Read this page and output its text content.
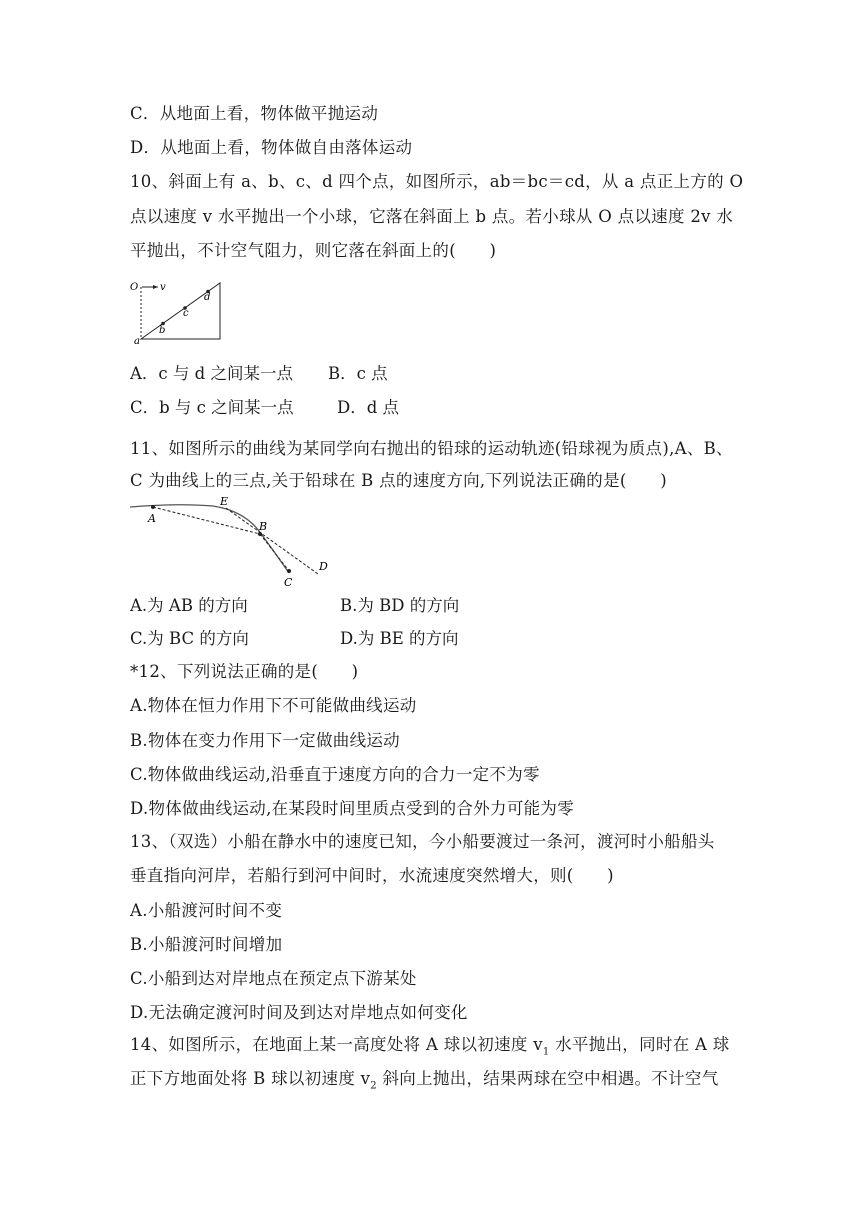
C．从地面上看，物体做平抛运动
D．从地面上看，物体做自由落体运动
10、斜面上有 a、b、c、d 四个点，如图所示，ab＝bc＝cd，从 a 点正上方的 O
点以速度 v 水平抛出一个小球，它落在斜面上 b 点。若小球从 O 点以速度 2v 水
平抛出，不计空气阻力，则它落在斜面上的(　　)
O v
a
b
c
d
A．c 与 d 之间某一点 B．c 点
C．b 与 c 之间某一点	D．d 点
11、如图所示的曲线为某同学向右抛出的铅球的运动轨迹(铅球视为质点),A、B、
C 为曲线上的三点,关于铅球在 B 点的速度方向,下列说法正确的是(　　)
A
B
C
D
E
A.为 AB 的方向	B.为 BD 的方向
C.为 BC 的方向	D.为 BE 的方向
*12、下列说法正确的是(　　)
A.物体在恒力作用下不可能做曲线运动
B.物体在变力作用下一定做曲线运动
C.物体做曲线运动,沿垂直于速度方向的合力一定不为零
D.物体做曲线运动,在某段时间里质点受到的合外力可能为零
13、（双选）小船在静水中的速度已知，今小船要渡过一条河，渡河时小船船头
垂直指向河岸，若船行到河中间时，水流速度突然增大，则(　　)
A.小船渡河时间不变
B.小船渡河时间增加
C.小船到达对岸地点在预定点下游某处
D.无法确定渡河时间及到达对岸地点如何变化
14、如图所示，在地面上某一高度处将 A 球以初速度 $v_1$ 水平抛出，同时在 A 球
正下方地面处将 B 球以初速度 $v_2$ 斜向上抛出，结果两球在空中相遇。不计空气
